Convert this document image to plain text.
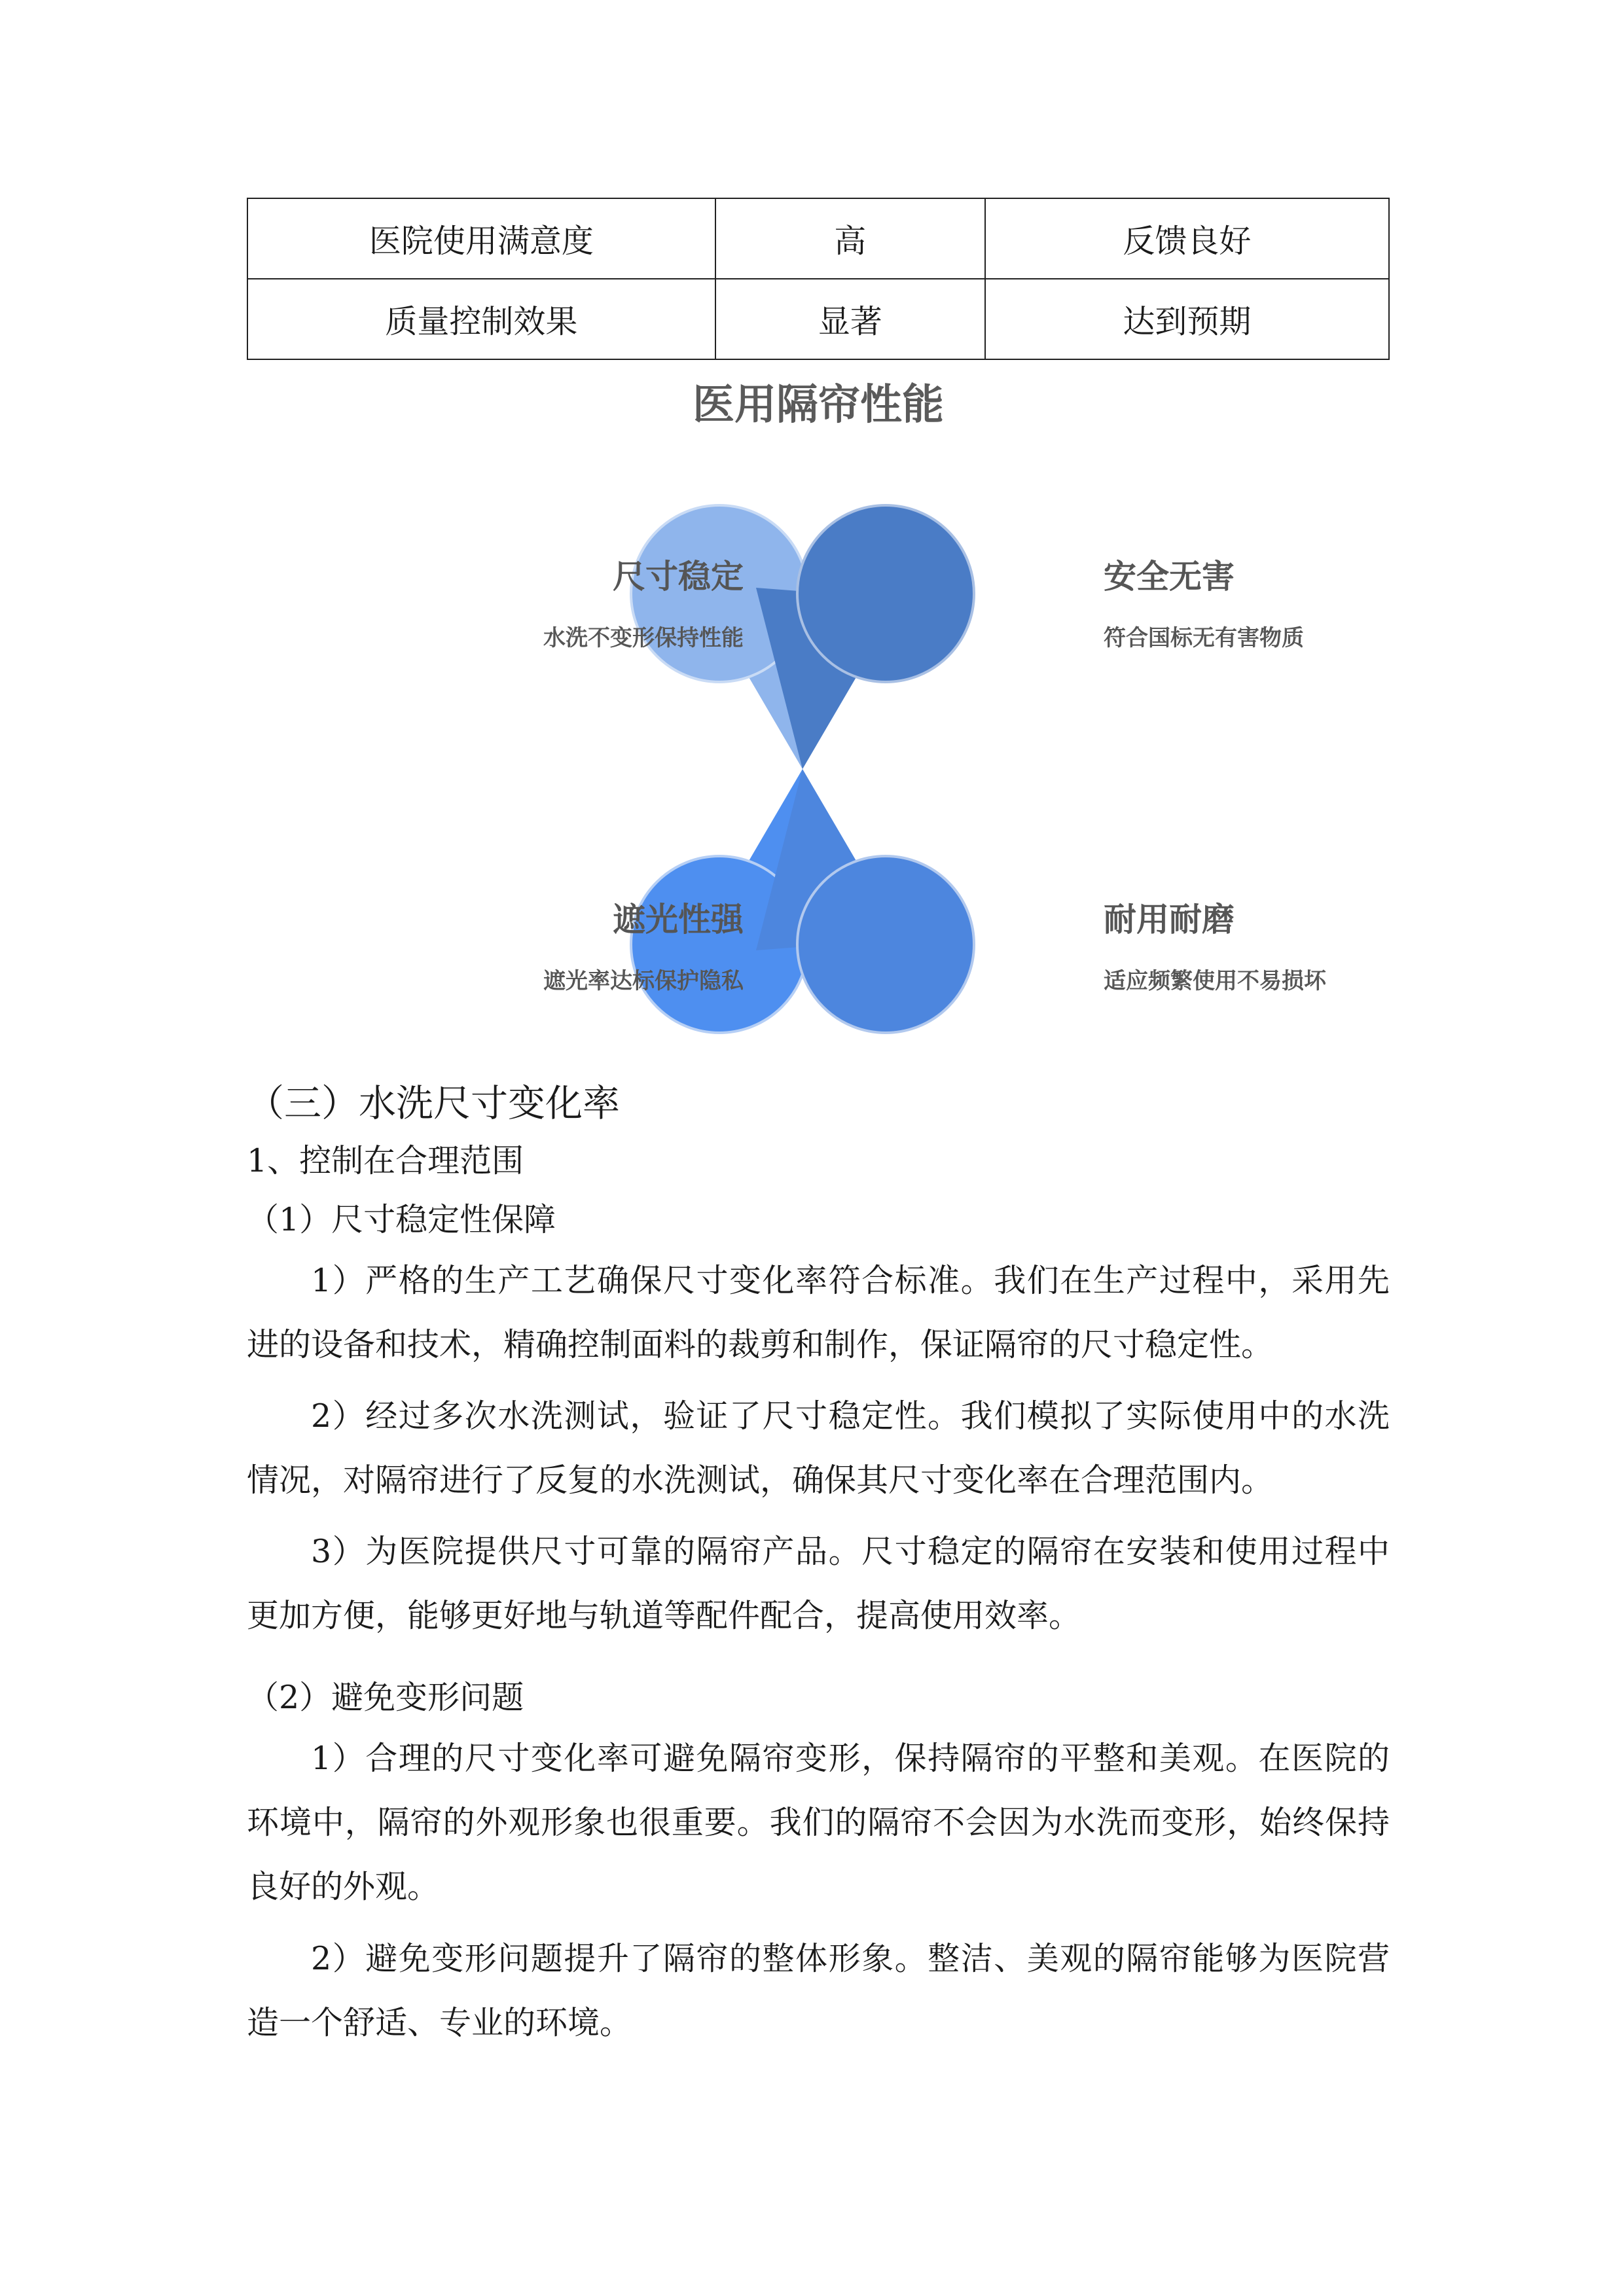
医院使用满意度	高	反馈良好
质量控制效果	显著	达到预期
医用隔帘性能
尺寸稳定
水洗不变形保持性能
安全无害
符合国标无有害物质
遮光性强
遮光率达标保护隐私
耐用耐磨
适应频繁使用不易损坏
（三）水洗尺寸变化率
1、控制在合理范围
（1）尺寸稳定性保障

1）严格的生产工艺确保尺寸变化率符合标准。我们在生产过程中，采用先进的设备和技术，精确控制面料的裁剪和制作，保证隔帘的尺寸稳定性。

2）经过多次水洗测试，验证了尺寸稳定性。我们模拟了实际使用中的水洗情况，对隔帘进行了反复的水洗测试，确保其尺寸变化率在合理范围内。

3）为医院提供尺寸可靠的隔帘产品。尺寸稳定的隔帘在安装和使用过程中更加方便，能够更好地与轨道等配件配合，提高使用效率。

（2）避免变形问题

1）合理的尺寸变化率可避免隔帘变形，保持隔帘的平整和美观。在医院的环境中，隔帘的外观形象也很重要。我们的隔帘不会因为水洗而变形，始终保持良好的外观。

2）避免变形问题提升了隔帘的整体形象。整洁、美观的隔帘能够为医院营造一个舒适、专业的环境。
